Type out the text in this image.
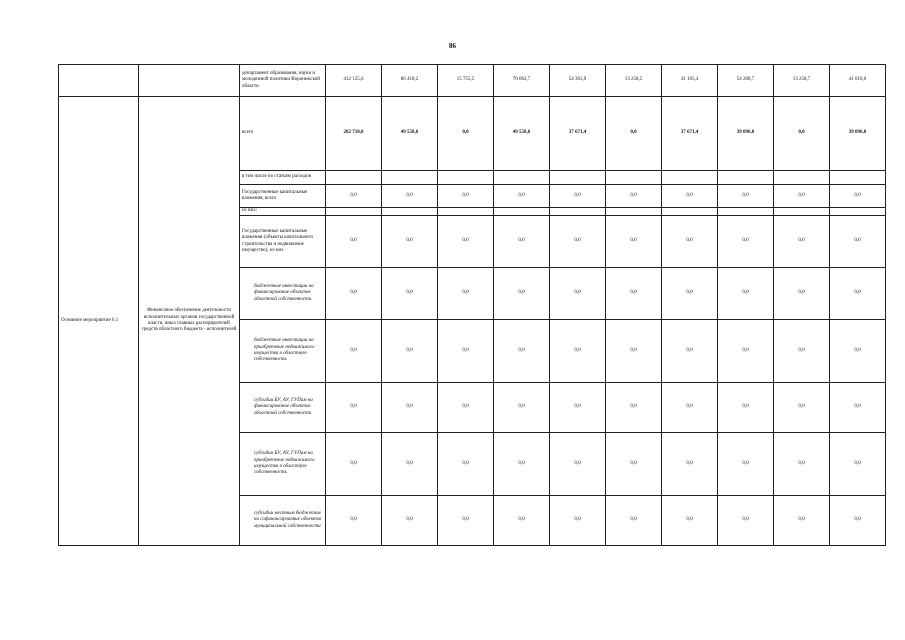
86
		департамент образования, науки и молодежной политики Воронежской области	412 125,6	86 418,2	15 755,5	70 662,7	54 363,9	13 258,5	41 105,4	54 268,7	13 258,7	41 010,0
Основное мероприятие 6.1	Финансовое обеспечение деятельности исполнительных органов государственной власти, иных главных распорядителей средств областного бюджета - исполнителей	всего	282 710,0	49 558,6	0,0	49 558,6	37 671,4	0,0	37 671,4	39 096,0	0,0	39 096,0
		в том числе по статьям расходов										
		Государственные капитальные вложения, всего	0,0	0,0	0,0	0,0	0,0	0,0	0,0	0,0	0,0	0,0
		из них:										
		Государственные капитальные вложения (объекты капитального строительства и недвижимое имущество), из них	0,0	0,0	0,0	0,0	0,0	0,0	0,0	0,0	0,0	0,0
		бюджетные инвестиции на финансирование объектов областной собственности	0,0	0,0	0,0	0,0	0,0	0,0	0,0	0,0	0,0	0,0
		бюджетные инвестиции на приобретение недвижимого имущества в областную собственность	0,0	0,0	0,0	0,0	0,0	0,0	0,0	0,0	0,0	0,0
		субсидии БУ, АУ, ГУПам на финансирование объектов областной собственности	0,0	0,0	0,0	0,0	0,0	0,0	0,0	0,0	0,0	0,0
		субсидии БУ, АУ, ГУПам на приобретение недвижимого имущества в областную собственность	0,0	0,0	0,0	0,0	0,0	0,0	0,0	0,0	0,0	0,0
		субсидии местным бюджетам на софинансирование объектов муниципальной собственности	0,0	0,0	0,0	0,0	0,0	0,0	0,0	0,0	0,0	0,0
